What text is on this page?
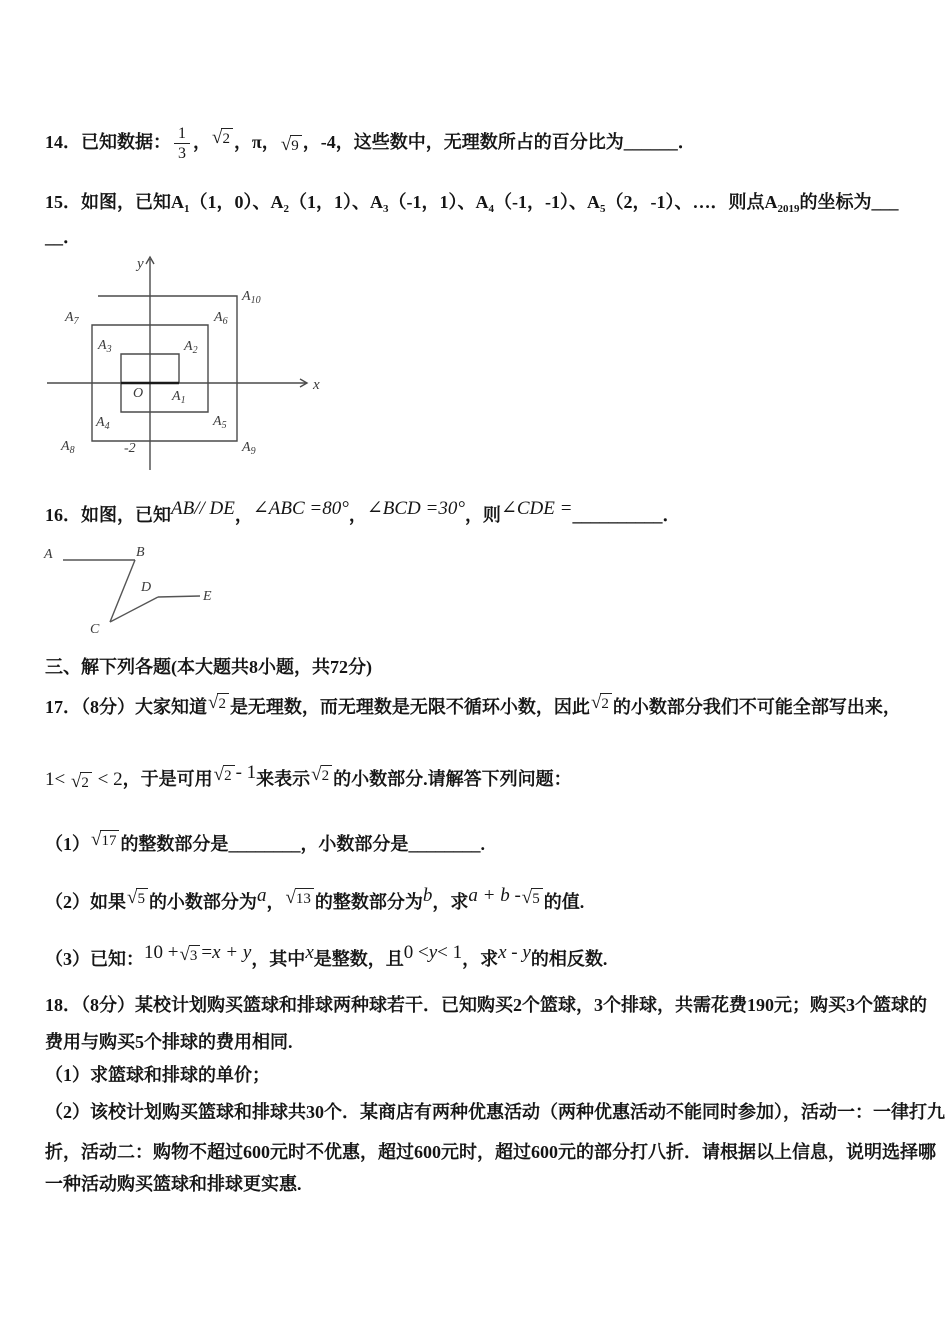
14．已知数据： $\frac{1}{3}$ ， √ 2 ，π， √ 9 ，-4，这些数中，无理数所占的百分比为______．
15．如图，已知$A_1(1$，0）、$A_2(1$，1）、$A_3(-1$，1）、$A_4(-1$，-1）、$A_5(2$，-1）、…．则点$A_{2019}$的坐标为___
__．
y
x
O
-2
$A_1$
$A_2$
$A_3$
$A_4$	$A_5$
$A_6$
$A_7$
$A_8$	$A_9$
$A_{10}$
16．如图，已知AB// DE，∠ABC =80°，∠BCD =30°，则∠CDE =__________．
A	B
C
D
E
三、解下列各题(本大题共8小题，共72分)
17．（8分）大家知道 √ 2 是无理数，而无理数是无限不循环小数，因此 √ 2 的小数部分我们不可能全部写出来，
1< √ 2 < 2，于是可用 √ 2 - 1来表示 √ 2 的小数部分.请解答下列问题：
（1） √ 17 的整数部分是________，小数部分是________.
（2）如果 √ 5 的小数部分为a， √ 13 的整数部分为b，求a + b - √ 5 的值.
（3）已知：10 + √ 3 =x + y，其中x是整数，且0 <y< 1，求x - y的相反数.
18．（8分）某校计划购买篮球和排球两种球若干．已知购买2个篮球，3个排球，共需花费190元；购买3个篮球的
费用与购买5个排球的费用相同.
（1）求篮球和排球的单价；
（2）该校计划购买篮球和排球共30个．某商店有两种优惠活动（两种优惠活动不能同时参加），活动一：一律打九
折，活动二：购物不超过600元时不优惠，超过600元时，超过600元的部分打八折．请根据以上信息，说明选择哪
一种活动购买篮球和排球更实惠.
